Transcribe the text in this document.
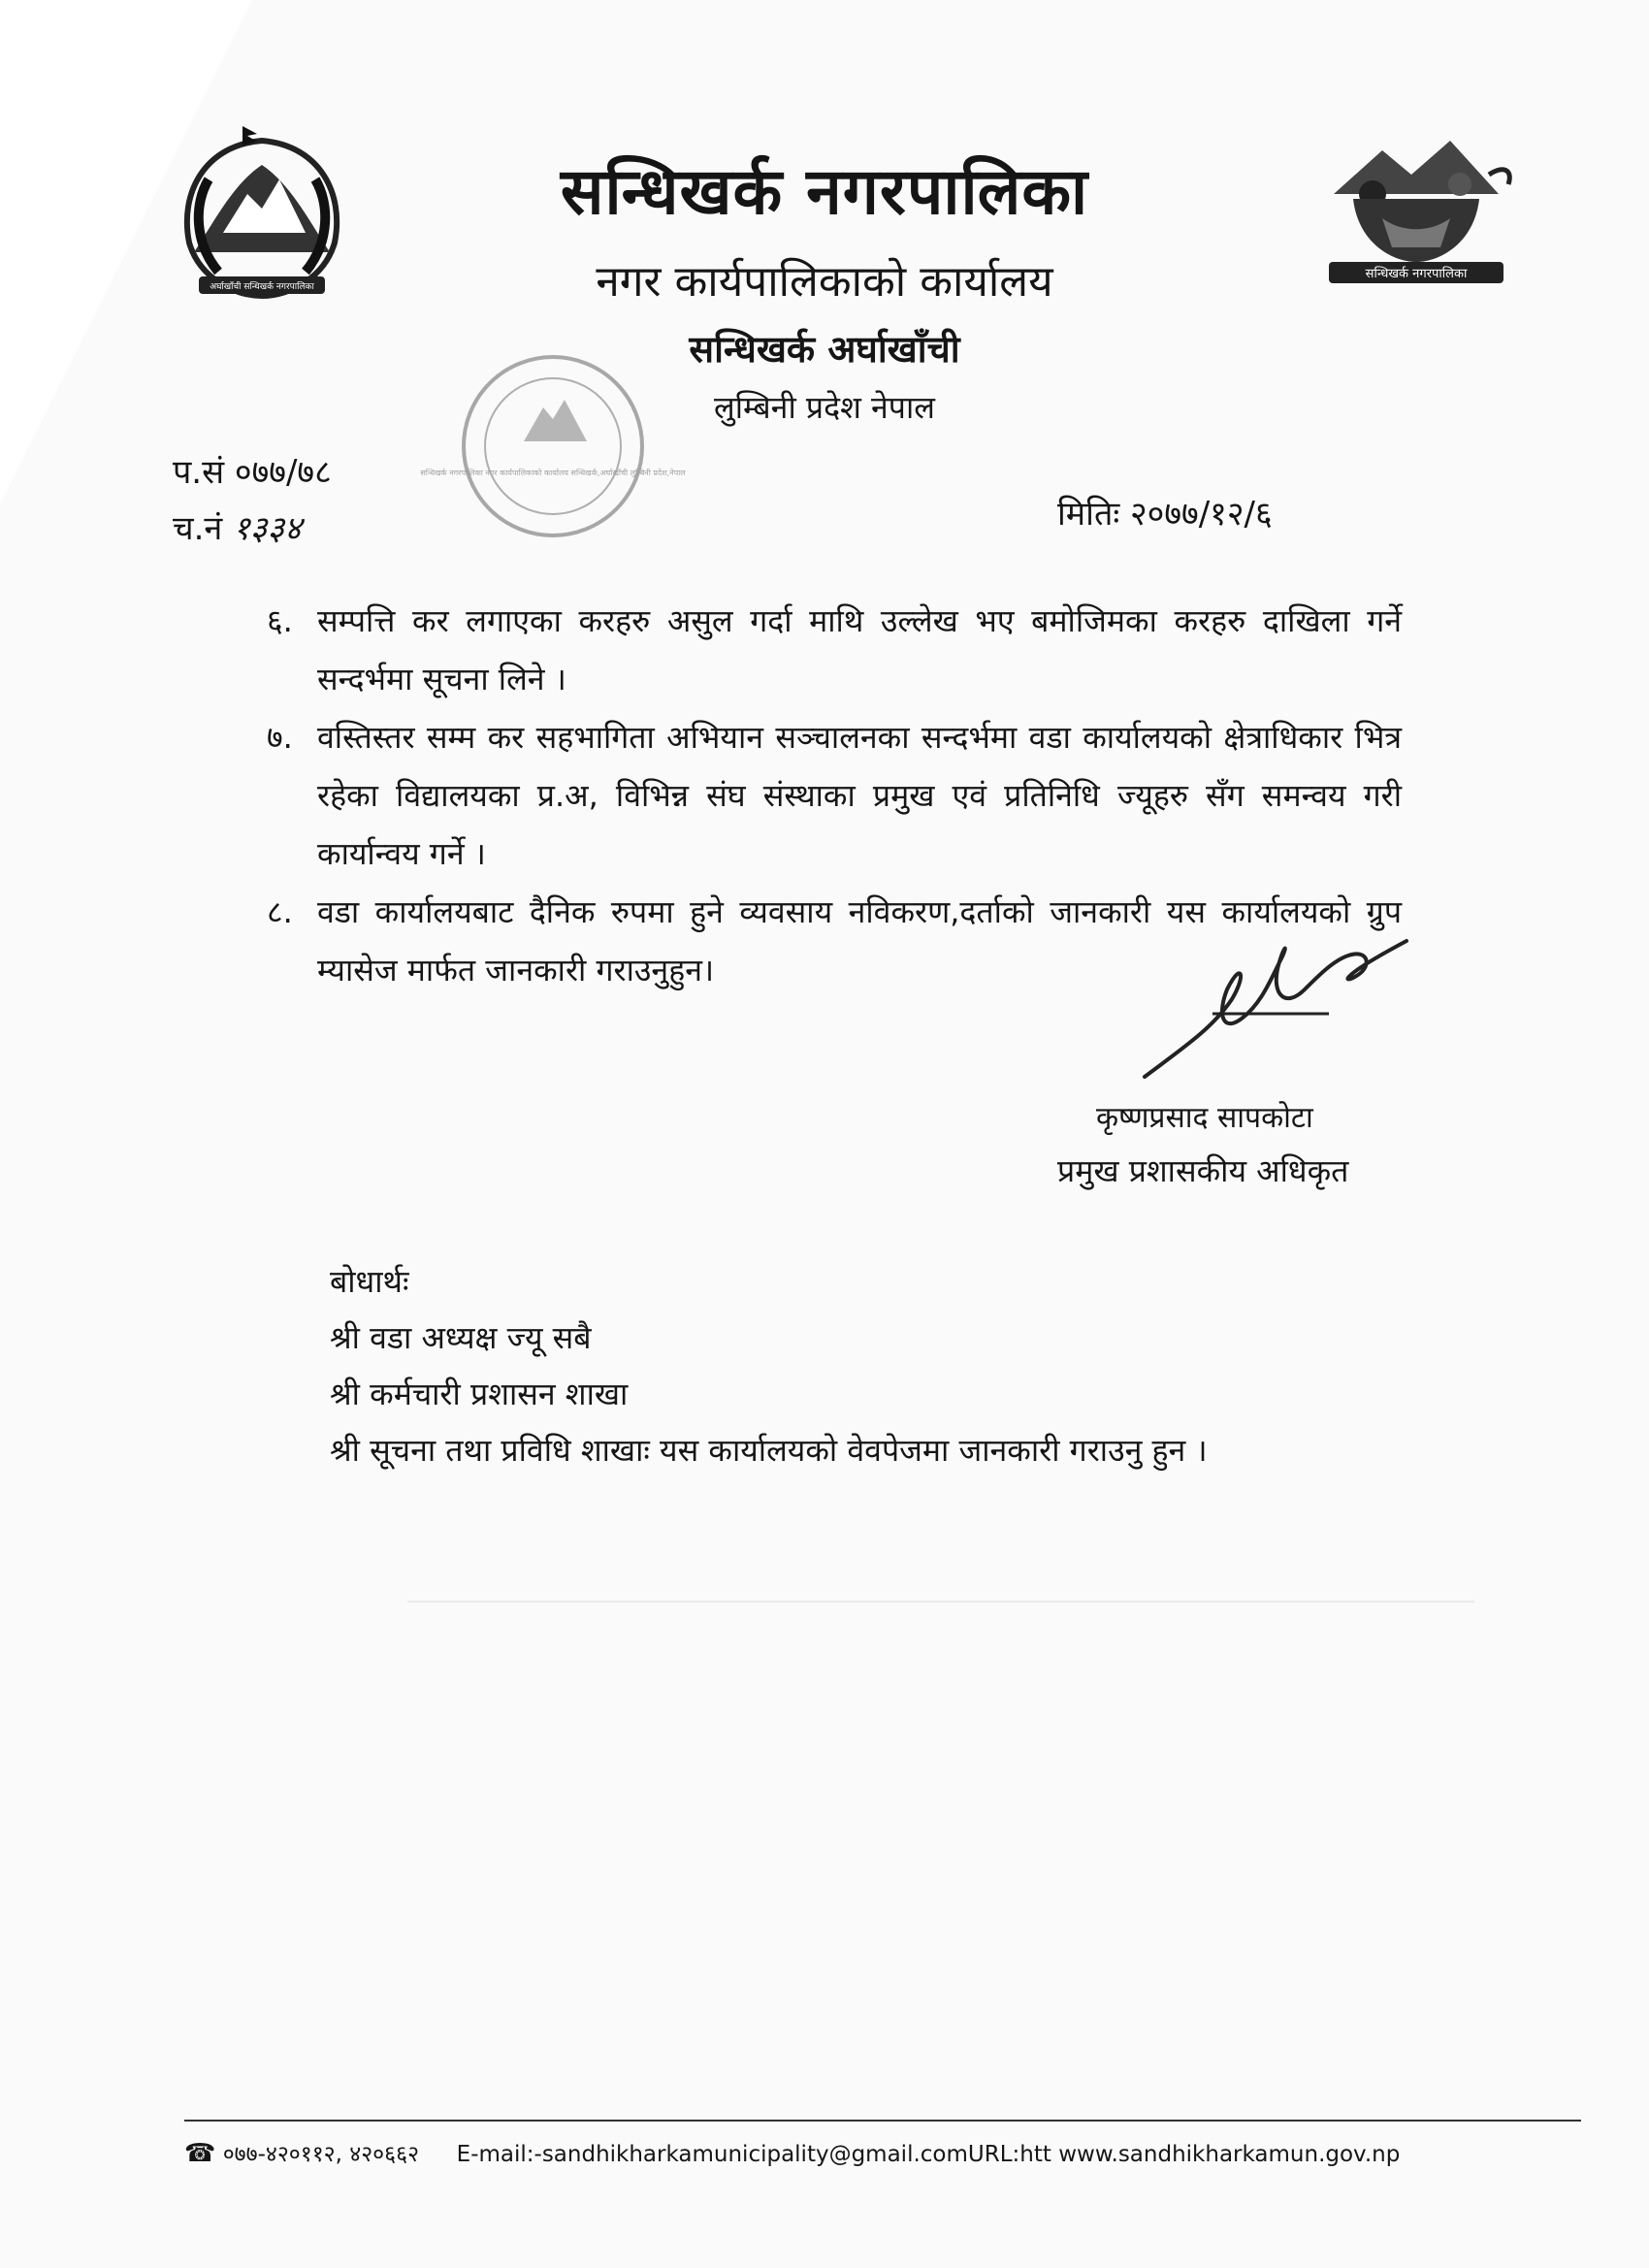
अर्घाखाँची सन्धिखर्क नगरपालिका
सन्धिखर्क नगरपालिका
सन्धिखर्क नगरपालिका
नगर कार्यपालिकाको कार्यालय
सन्धिखर्क अर्घाखाँची
लुम्बिनी प्रदेश नेपाल
सन्धिखर्क नगरपालिका नगर कार्यपालिकाको कार्यालय सन्धिखर्क,अर्घाखाँची लुम्बिनी प्रदेश,नेपाल
प.सं ०७७/७८
च.नं १३३४	मितिः २०७७/१२/६
६. सम्पत्ति कर लगाएका करहरु असुल गर्दा माथि उल्लेख भए बमोजिमका करहरु दाखिला गर्ने सन्दर्भमा सूचना लिने ।
७. वस्तिस्तर सम्म कर सहभागिता अभियान सञ्चालनका सन्दर्भमा वडा कार्यालयको क्षेत्राधिकार भित्र रहेका विद्यालयका प्र.अ, विभिन्न संघ संस्थाका प्रमुख एवं प्रतिनिधि ज्यूहरु सँग समन्वय गरी कार्यान्वय गर्ने ।
८. वडा कार्यालयबाट दैनिक रुपमा हुने व्यवसाय नविकरण,दर्ताको जानकारी यस कार्यालयको ग्रुप म्यासेज मार्फत जानकारी गराउनुहुन।
कृष्णप्रसाद सापकोटा
प्रमुख प्रशासकीय अधिकृत
बोधार्थः
श्री वडा अध्यक्ष ज्यू सबै
श्री कर्मचारी प्रशासन शाखा
श्री सूचना तथा प्रविधि शाखाः यस कार्यालयको वेवपेजमा जानकारी गराउनु हुन ।
☎ ०७७-४२०११२, ४२०६६२ E-mail:-sandhikharkamunicipality@gmail.comURL:htt www.sandhikharkamun.gov.np
